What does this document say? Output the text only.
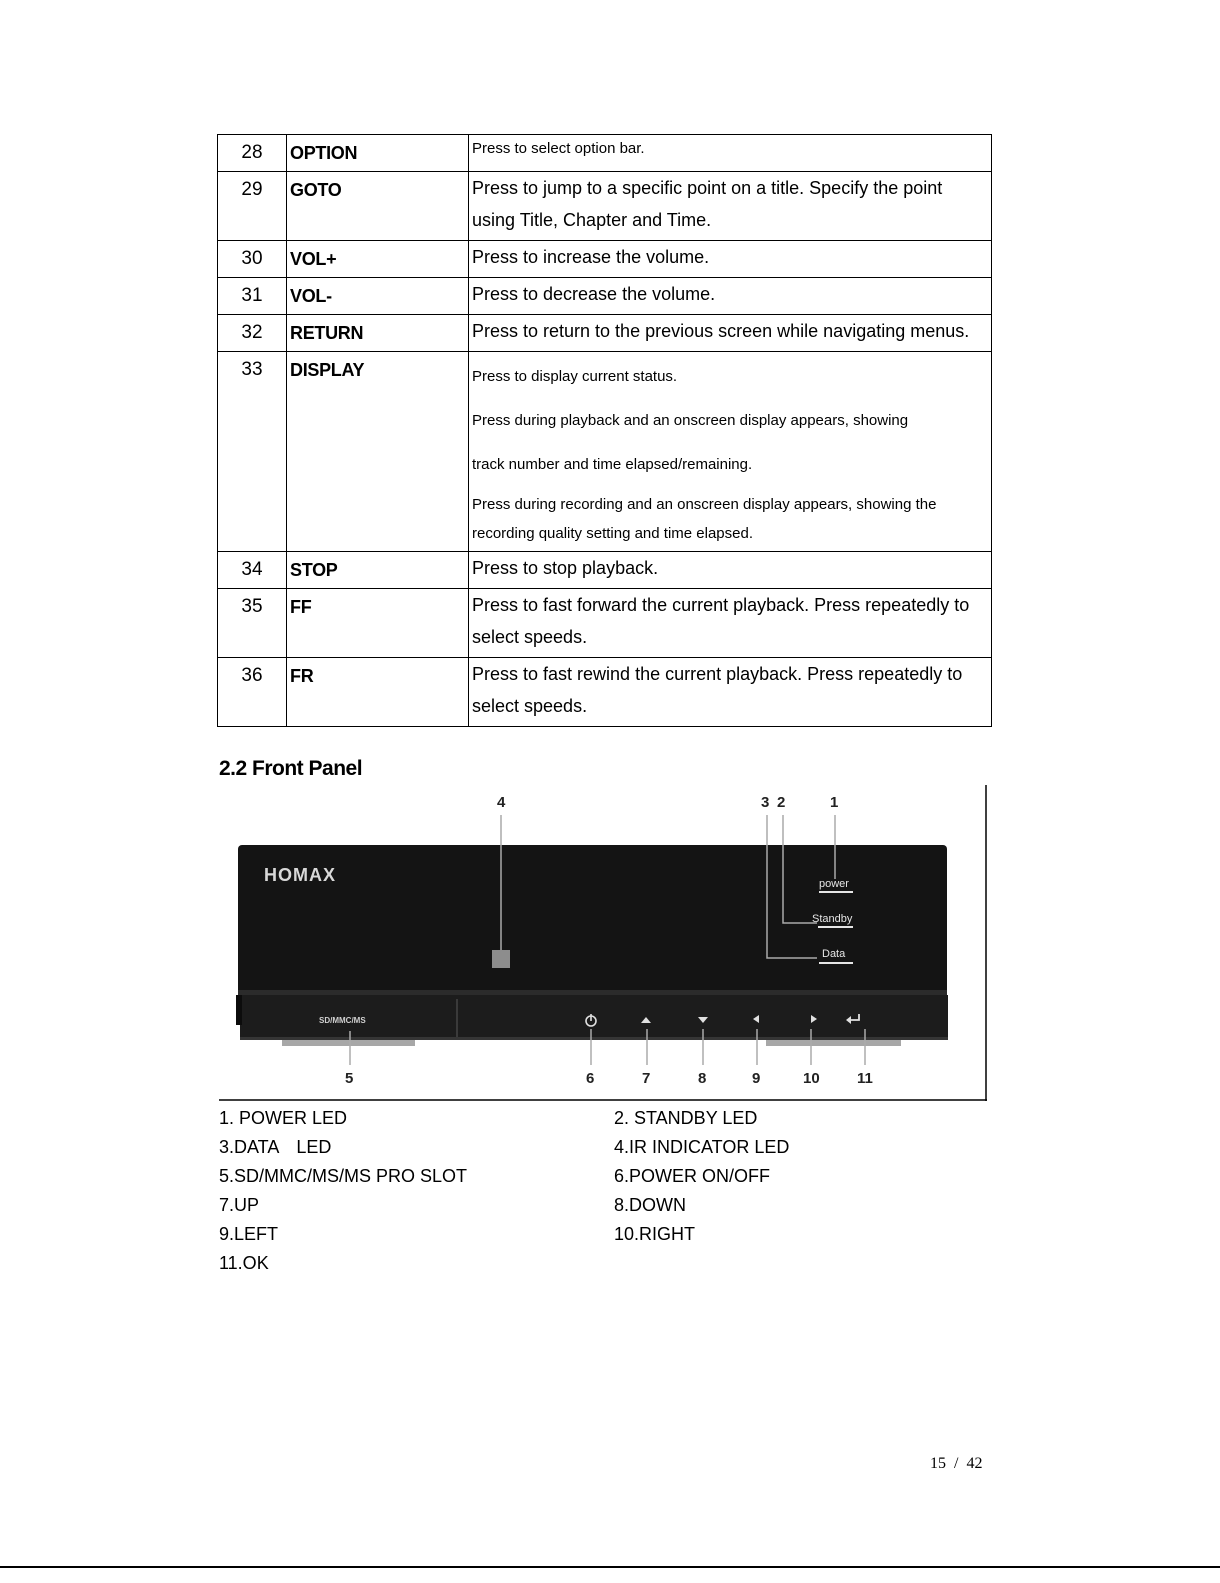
28	OPTION	Press to select option bar.
29	GOTO	Press to jump to a specific point on a title. Specify the point using Title, Chapter and Time.
30	VOL+	Press to increase the volume.
31	VOL-	Press to decrease the volume.
32	RETURN	Press to return to the previous screen while navigating menus.
33	DISPLAY	Press to display current status.
Press during playback and an onscreen display appears, showing
track number and time elapsed/remaining.
Press during recording and an onscreen display appears, showing the recording quality setting and time elapsed.

34	STOP	Press to stop playback.
35	FF	Press to fast forward the current playback. Press repeatedly to select speeds.
36	FR	Press to fast rewind the current playback. Press repeatedly to select speeds.
2.2 Front Panel
HOMAX	power
Standby
Data
SD/MMC/MS
4	3 2	1
5	6	7	8	9	10 11
1. POWER LED	2. STANDBY LED
3.DATA　LED	4.IR INDICATOR LED
5.SD/MMC/MS/MS PRO SLOT	6.POWER ON/OFF
7.UP	8.DOWN
9.LEFT	10.RIGHT
11.OK
15  /  42
